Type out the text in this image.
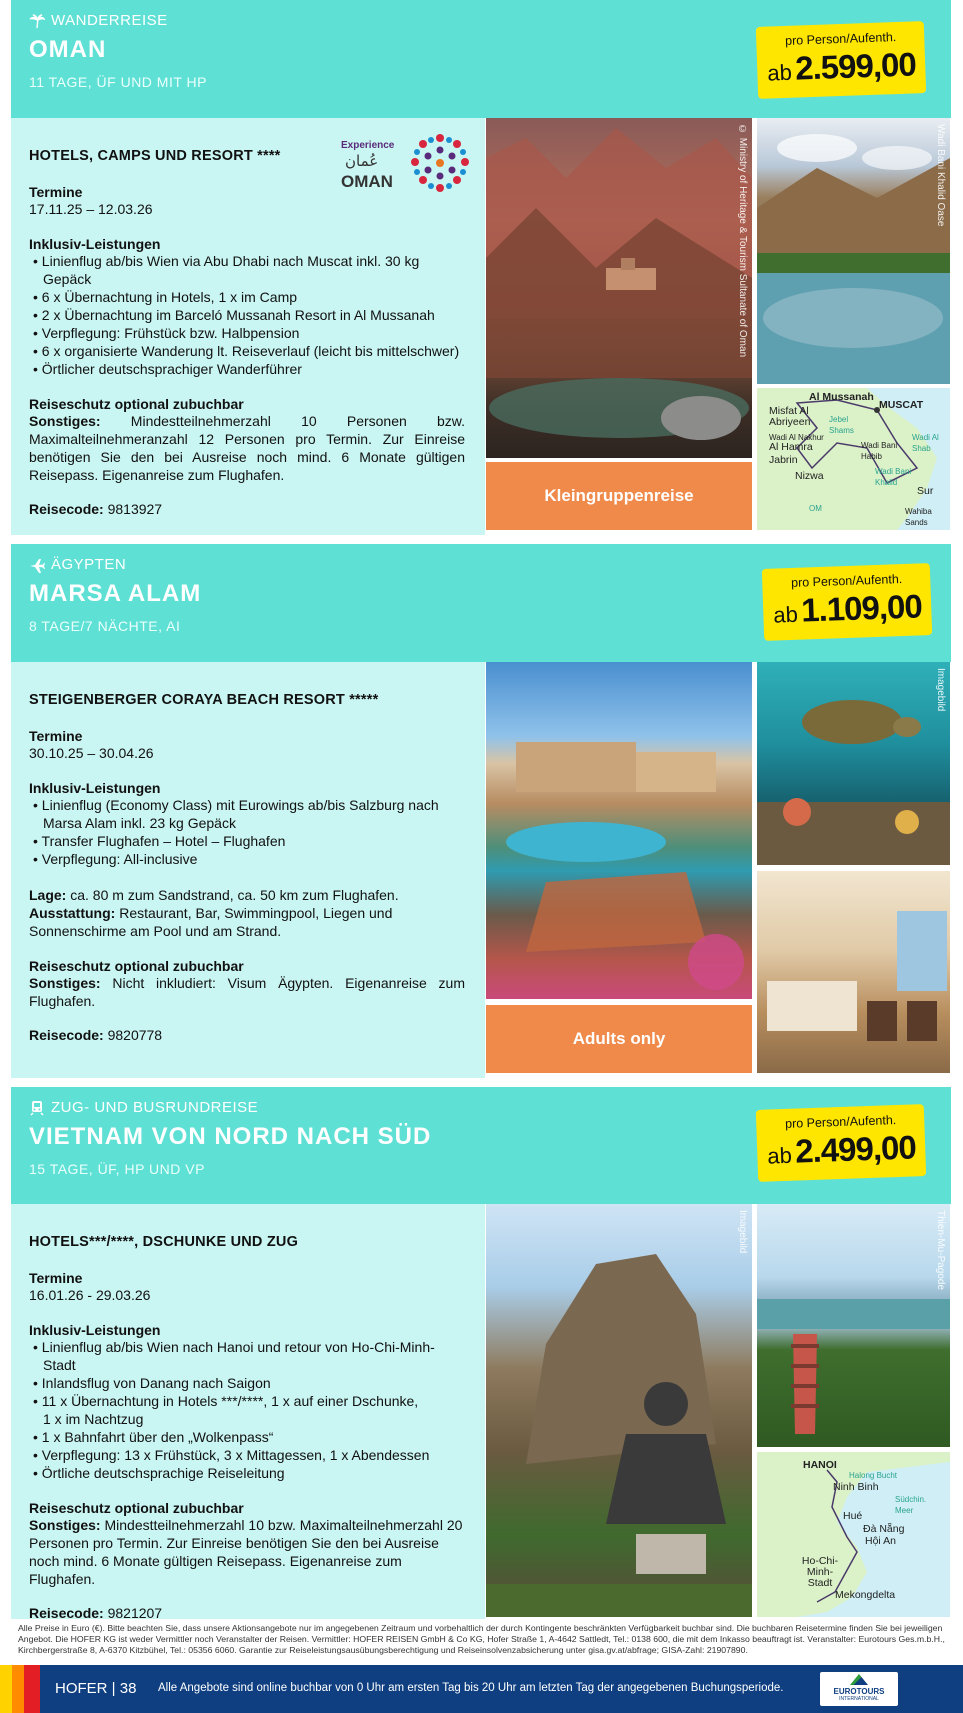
WANDERREISE
OMAN
11 TAGE, ÜF UND MIT HP
pro Person/Aufenth.
ab 2.599,00
HOTELS, CAMPS UND RESORT ****
Experience
عُمان
OMAN
Termine
17.11.25 – 12.03.26
Inklusiv-Leistungen
• Linienflug ab/bis Wien via Abu Dhabi nach Muscat inkl. 30 kg Gepäck
• 6 x Übernachtung in Hotels, 1 x im Camp
• 2 x Übernachtung im Barceló Mussanah Resort in Al Mussanah
• Verpflegung: Frühstück bzw. Halbpension
• 6 x organisierte Wanderung lt. Reiseverlauf (leicht bis mittelschwer)
• Örtlicher deutschsprachiger Wanderführer
Reiseschutz optional zubuchbar
Sonstiges: Mindestteilnehmerzahl 10 Personen bzw. Maximalteilnehmeranzahl 12 Personen pro Termin. Zur Einreise benötigen Sie den bei Ausreise noch mind. 6 Monate gültigen Reisepass. Eigenanreise zum Flughafen.
Reisecode: 9813927
© Ministry of Heritage & Tourism Sultanate of Oman
Kleingruppenreise
Wadi Bani Khalid Oase
Al Mussanah
MUSCAT
Misfat Al Abriyeen	Jebel Shams
Wadi Al Nakhur
Al Hamra	Wadi Bani Habib
Wadi Al Shab
Jabrin
Wadi Bani Khalid
Nizwa
Sur
OM	Wahiba Sands
ÄGYPTEN
MARSA ALAM
8 TAGE/7 NÄCHTE, AI
pro Person/Aufenth.
ab 1.109,00
STEIGENBERGER CORAYA BEACH RESORT *****
Termine
30.10.25 – 30.04.26
Inklusiv-Leistungen
• Linienflug (Economy Class) mit Eurowings ab/bis Salzburg nach Marsa Alam inkl. 23 kg Gepäck
• Transfer Flughafen – Hotel – Flughafen
• Verpflegung: All-inclusive
Lage: ca. 80 m zum Sandstrand, ca. 50 km zum Flughafen.
Ausstattung: Restaurant, Bar, Swimmingpool, Liegen und Sonnenschirme am Pool und am Strand.
Reiseschutz optional zubuchbar
Sonstiges: Nicht inkludiert: Visum Ägypten. Eigenanreise zum Flughafen.
Reisecode: 9820778	Adults only
Imagebild
ZUG- UND BUSRUNDREISE
VIETNAM VON NORD NACH SÜD
15 TAGE, ÜF, HP UND VP
pro Person/Aufenth.
ab 2.499,00
HOTELS***/****, DSCHUNKE UND ZUG
Termine
16.01.26 - 29.03.26
Inklusiv-Leistungen
• Linienflug ab/bis Wien nach Hanoi und retour von Ho-Chi-Minh-Stadt
• Inlandsflug von Danang nach Saigon
• 11 x Übernachtung in Hotels ***/****, 1 x auf einer Dschunke, 1 x im Nachtzug
• 1 x Bahnfahrt über den „Wolkenpass“
• Verpflegung: 13 x Frühstück, 3 x Mittagessen, 1 x Abendessen
• Örtliche deutschsprachige Reiseleitung
Reiseschutz optional zubuchbar
Sonstiges: Mindestteilnehmerzahl 10 bzw. Maximalteilnehmerzahl 20 Personen pro Termin. Zur Einreise benötigen Sie den bei Ausreise noch mind. 6 Monate gültigen Reisepass. Eigenanreise zum Flughafen.
Reisecode: 9821207
Imagebild	Thien-Mu-Pagode
HANOI
Halong Bucht
Ninh Binh
Südchin. Meer
Hué
Đà Nẵng
Hội An
Ho-Chi-Minh-Stadt
Mekongdelta
Alle Preise in Euro (€). Bitte beachten Sie, dass unsere Aktionsangebote nur im angegebenen Zeitraum und vorbehaltlich der durch Kontingente beschränkten Verfügbarkeit buchbar sind. Die buchbaren Reisetermine finden Sie bei jeweiligen Angebot. Die HOFER KG ist weder Vermittler noch Veranstalter der Reisen. Vermittler: HOFER REISEN GmbH & Co KG, Hofer Straße 1, A-4642 Sattledt, Tel.: 0138 600, die mit dem Inkasso beauftragt ist. Veranstalter: Eurotours Ges.m.b.H., Kirchbergerstraße 8, A-6370 Kitzbühel, Tel.: 05356 6060. Garantie zur Reiseleistungsausübungsberechtigung und Reiseinsolvenzabsicherung unter gisa.gv.at/abfrage; GISA-Zahl: 21907890.
HOFER | 38 Alle Angebote sind online buchbar von 0 Uhr am ersten Tag bis 20 Uhr am letzten Tag der angegebenen Buchungsperiode.	EUROTOURS
INTERNATIONAL
